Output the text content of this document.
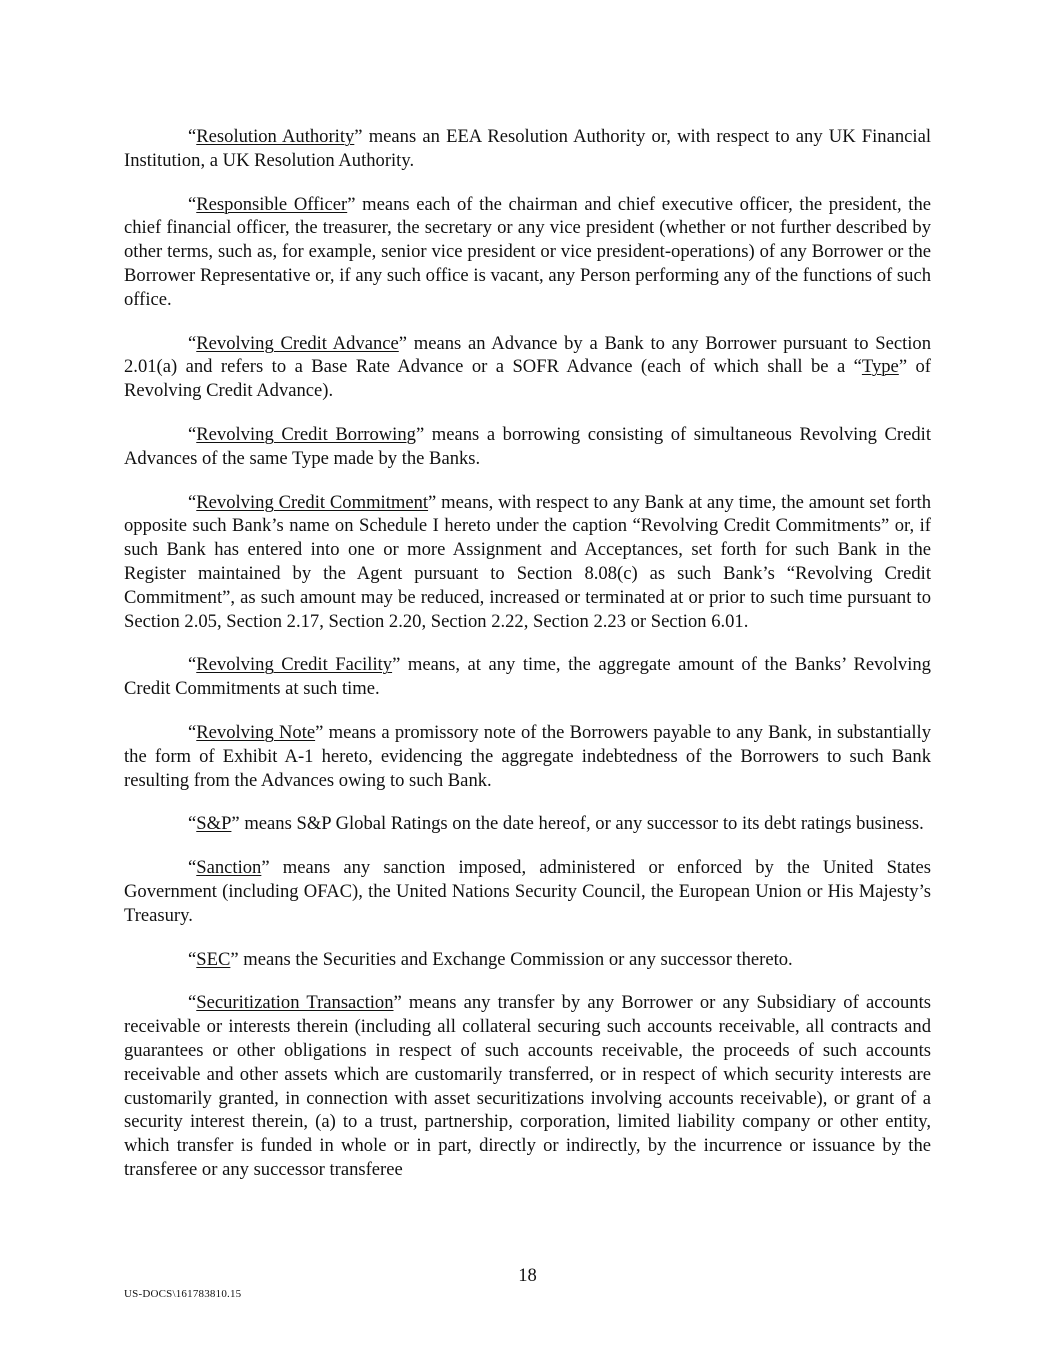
“Resolution Authority” means an EEA Resolution Authority or, with respect to any UK Financial Institution, a UK Resolution Authority.

“Responsible Officer” means each of the chairman and chief executive officer, the president, the chief financial officer, the treasurer, the secretary or any vice president (whether or not further described by other terms, such as, for example, senior vice president or vice president-operations) of any Borrower or the Borrower Representative or, if any such office is vacant, any Person performing any of the functions of such office.

“Revolving Credit Advance” means an Advance by a Bank to any Borrower pursuant to Section 2.01(a) and refers to a Base Rate Advance or a SOFR Advance (each of which shall be a “Type” of Revolving Credit Advance).

“Revolving Credit Borrowing” means a borrowing consisting of simultaneous Revolving Credit Advances of the same Type made by the Banks.

“Revolving Credit Commitment” means, with respect to any Bank at any time, the amount set forth opposite such Bank’s name on Schedule I hereto under the caption “Revolving Credit Commitments” or, if such Bank has entered into one or more Assignment and Acceptances, set forth for such Bank in the Register maintained by the Agent pursuant to Section 8.08(c) as such Bank’s “Revolving Credit Commitment”, as such amount may be reduced, increased or terminated at or prior to such time pursuant to Section 2.05, Section 2.17, Section 2.20, Section 2.22, Section 2.23 or Section 6.01.

“Revolving Credit Facility” means, at any time, the aggregate amount of the Banks’ Revolving Credit Commitments at such time.

“Revolving Note” means a promissory note of the Borrowers payable to any Bank, in substantially the form of Exhibit A-1 hereto, evidencing the aggregate indebtedness of the Borrowers to such Bank resulting from the Advances owing to such Bank.

“S&P” means S&P Global Ratings on the date hereof, or any successor to its debt ratings business.

“Sanction” means any sanction imposed, administered or enforced by the United States Government (including OFAC), the United Nations Security Council, the European Union or His Majesty’s Treasury.

“SEC” means the Securities and Exchange Commission or any successor thereto.

“Securitization Transaction” means any transfer by any Borrower or any Subsidiary of accounts receivable or interests therein (including all collateral securing such accounts receivable, all contracts and guarantees or other obligations in respect of such accounts receivable, the proceeds of such accounts receivable and other assets which are customarily transferred, or in respect of which security interests are customarily granted, in connection with asset securitizations involving accounts receivable), or grant of a security interest therein, (a) to a trust, partnership, corporation, limited liability company or other entity, which transfer is funded in whole or in part, directly or indirectly, by the incurrence or issuance by the transferee or any successor transferee

18
US-DOCS\161783810.15
